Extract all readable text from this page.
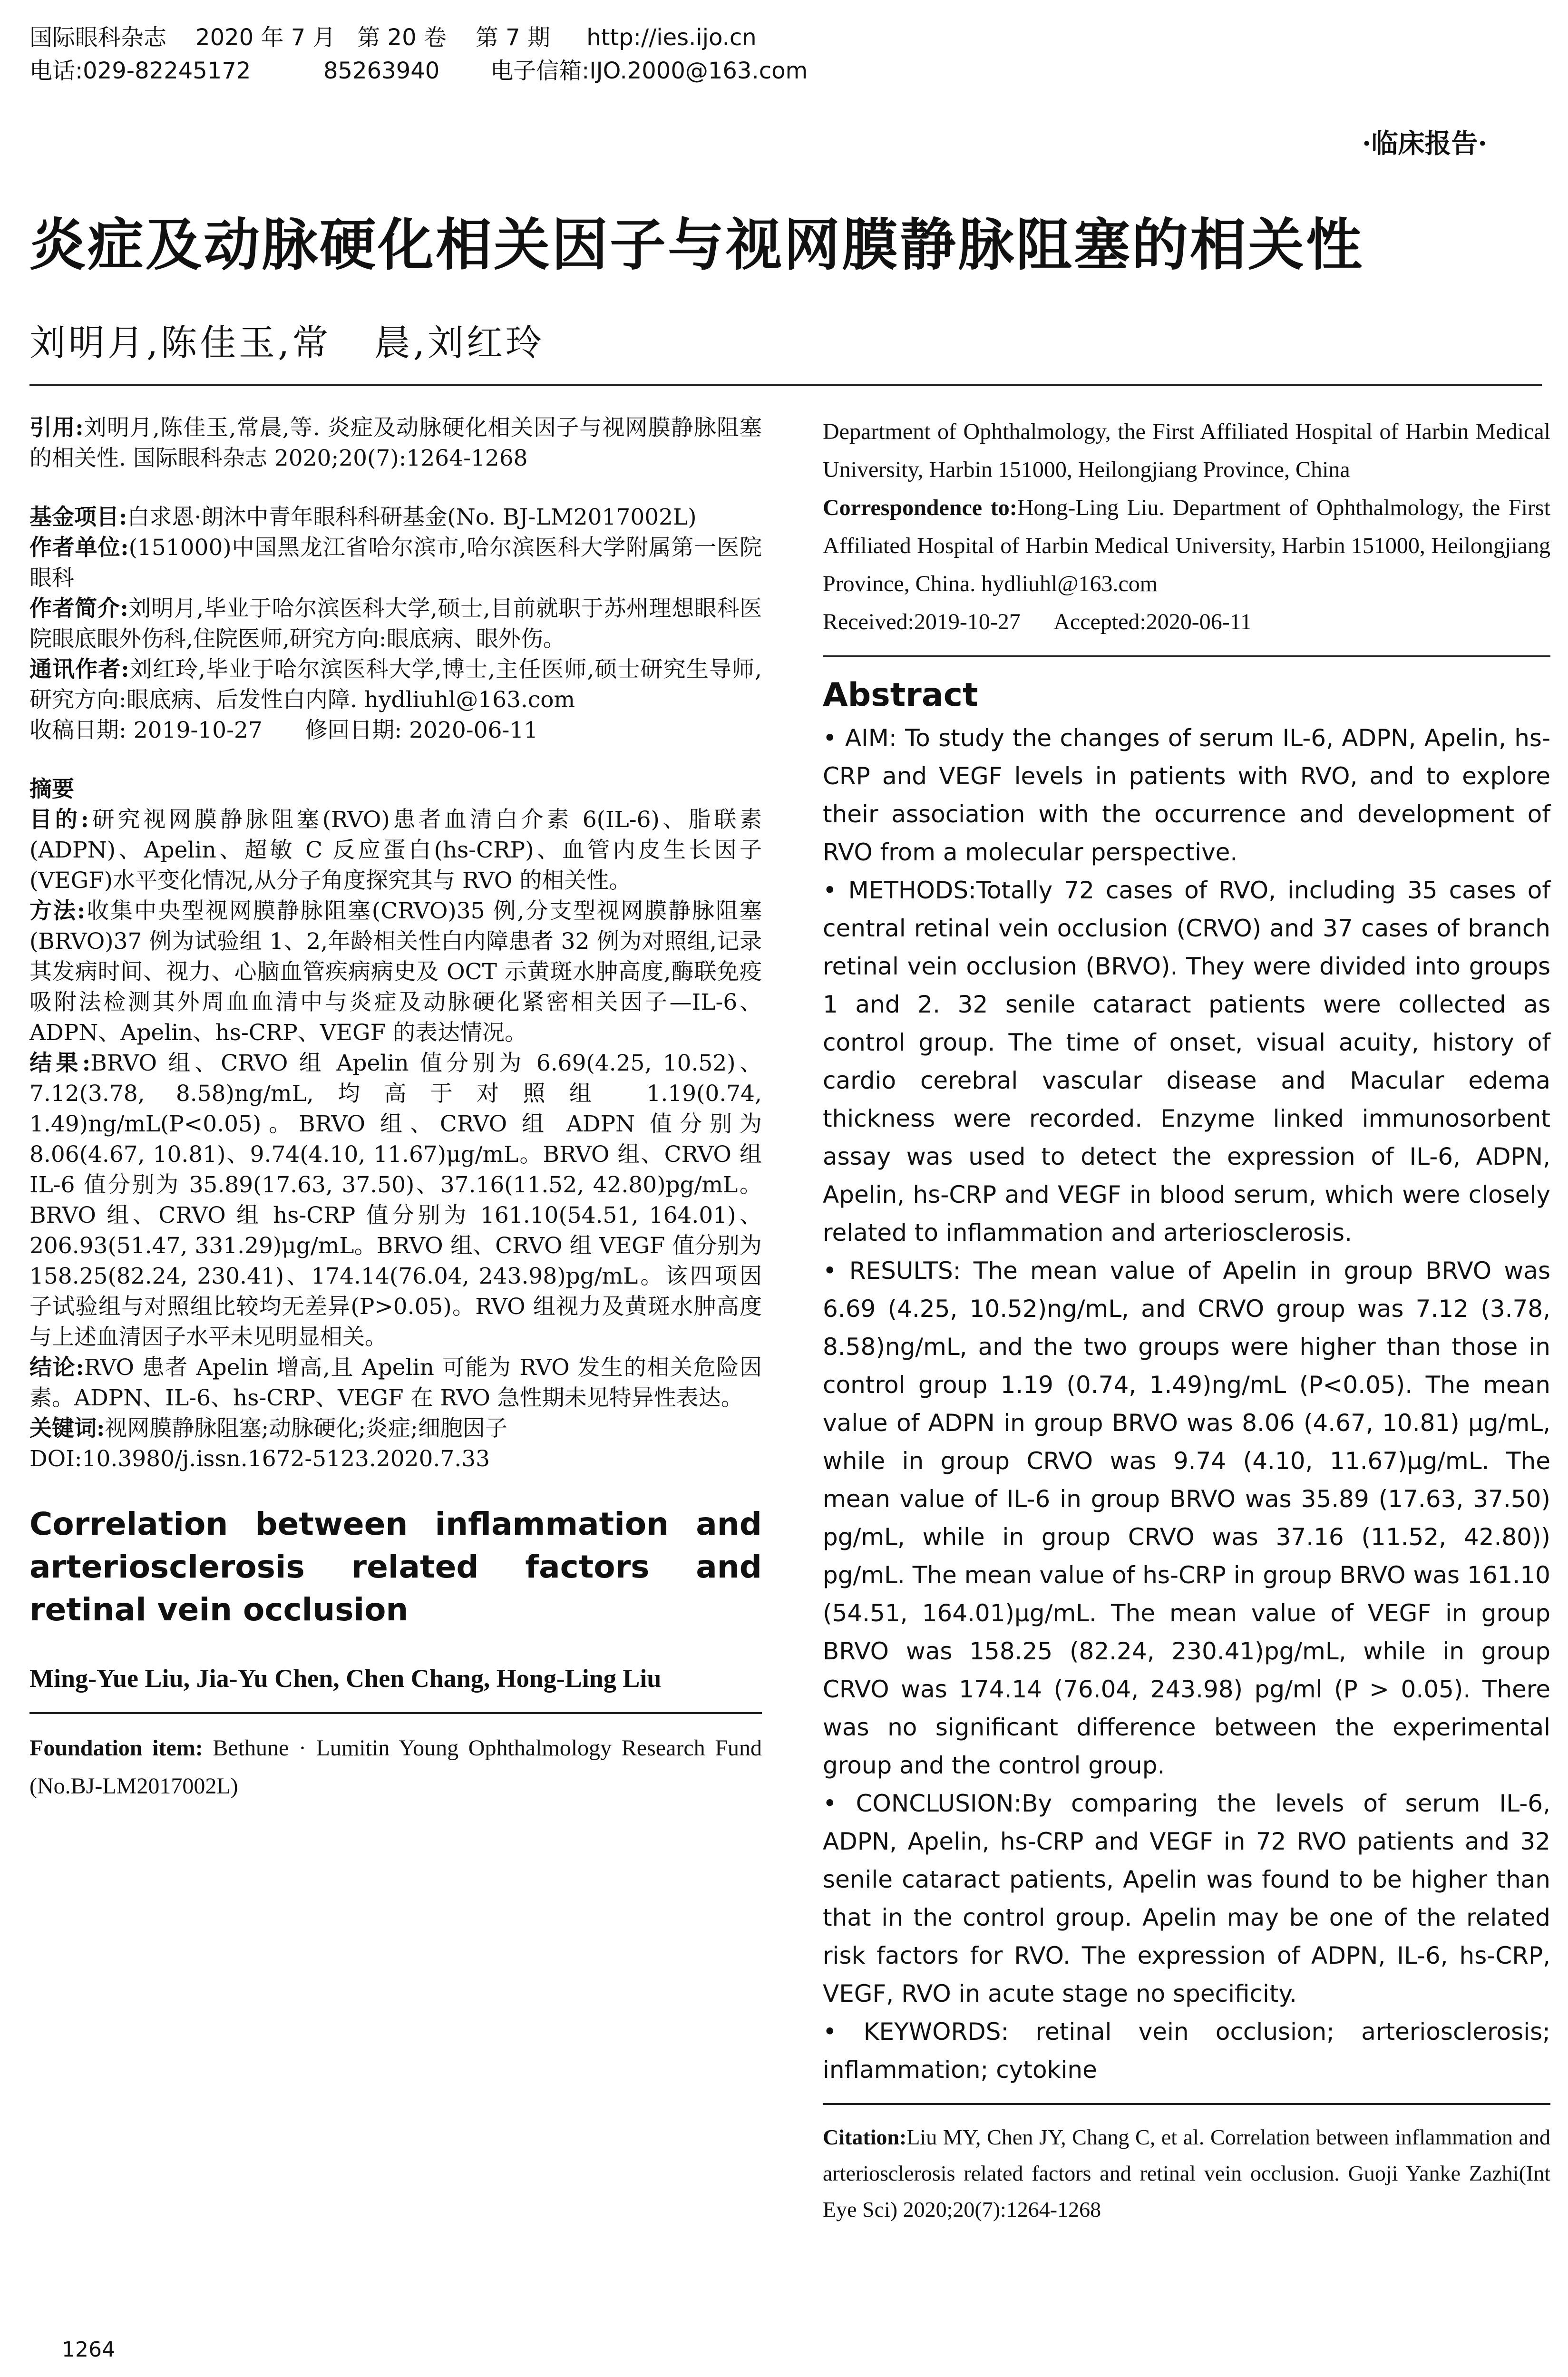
国际眼科杂志    2020 年 7 月   第 20 卷    第 7 期     http://ies.ijo.cn
电话:029-82245172          85263940       电子信箱:IJO.2000@163.com
·临床报告·
炎症及动脉硬化相关因子与视网膜静脉阻塞的相关性
刘明月,陈佳玉,常   晨,刘红玲

引用:刘明月,陈佳玉,常晨,等. 炎症及动脉硬化相关因子与视网膜静脉阻塞的相关性. 国际眼科杂志 2020;20(7):1264-1268

基金项目:白求恩·朗沐中青年眼科科研基金(No. BJ-LM2017002L)

作者单位:(151000)中国黑龙江省哈尔滨市,哈尔滨医科大学附属第一医院眼科

作者简介:刘明月,毕业于哈尔滨医科大学,硕士,目前就职于苏州理想眼科医院眼底眼外伤科,住院医师,研究方向:眼底病、眼外伤。

通讯作者:刘红玲,毕业于哈尔滨医科大学,博士,主任医师,硕士研究生导师,研究方向:眼底病、后发性白内障. hydliuhl@163.com

收稿日期: 2019-10-27      修回日期: 2020-06-11

摘要

目的:研究视网膜静脉阻塞(RVO)患者血清白介素 6(IL-6)、脂联素(ADPN)、Apelin、超敏 C 反应蛋白(hs-CRP)、血管内皮生长因子(VEGF)水平变化情况,从分子角度探究其与 RVO 的相关性。

方法:收集中央型视网膜静脉阻塞(CRVO)35 例,分支型视网膜静脉阻塞(BRVO)37 例为试验组 1、2,年龄相关性白内障患者 32 例为对照组,记录其发病时间、视力、心脑血管疾病病史及 OCT 示黄斑水肿高度,酶联免疫吸附法检测其外周血血清中与炎症及动脉硬化紧密相关因子—IL-6、ADPN、Apelin、hs-CRP、VEGF 的表达情况。

结果:BRVO 组、CRVO 组 Apelin 值分别为 6.69(4.25, 10.52)、7.12(3.78, 8.58)ng/mL,均高于对照组 1.19(0.74, 1.49)ng/mL(P<0.05)。BRVO 组、CRVO 组 ADPN 值分别为 8.06(4.67, 10.81)、9.74(4.10, 11.67)μg/mL。BRVO 组、CRVO 组 IL-6 值分别为 35.89(17.63, 37.50)、37.16(11.52, 42.80)pg/mL。BRVO 组、CRVO 组 hs-CRP 值分别为 161.10(54.51, 164.01)、206.93(51.47, 331.29)μg/mL。BRVO 组、CRVO 组 VEGF 值分别为 158.25(82.24, 230.41)、174.14(76.04, 243.98)pg/mL。该四项因子试验组与对照组比较均无差异(P>0.05)。RVO 组视力及黄斑水肿高度与上述血清因子水平未见明显相关。

结论:RVO 患者 Apelin 增高,且 Apelin 可能为 RVO 发生的相关危险因素。ADPN、IL-6、hs-CRP、VEGF 在 RVO 急性期未见特异性表达。

关键词:视网膜静脉阻塞;动脉硬化;炎症;细胞因子

DOI:10.3980/j.issn.1672-5123.2020.7.33

Correlation between inflammation and arteriosclerosis related factors and retinal vein occlusion

Ming-Yue Liu, Jia-Yu Chen, Chen Chang, Hong-Ling Liu

Foundation item: Bethune · Lumitin Young Ophthalmology Research Fund (No.BJ-LM2017002L)

Department of Ophthalmology, the First Affiliated Hospital of Harbin Medical University, Harbin 151000, Heilongjiang Province, China

Correspondence to:Hong-Ling Liu. Department of Ophthalmology, the First Affiliated Hospital of Harbin Medical University, Harbin 151000, Heilongjiang Province, China. hydliuhl@163.com

Received:2019-10-27      Accepted:2020-06-11

Abstract

• AIM: To study the changes of serum IL-6, ADPN, Apelin, hs-CRP and VEGF levels in patients with RVO, and to explore their association with the occurrence and development of RVO from a molecular perspective.

• METHODS:Totally 72 cases of RVO, including 35 cases of central retinal vein occlusion (CRVO) and 37 cases of branch retinal vein occlusion (BRVO). They were divided into groups 1 and 2. 32 senile cataract patients were collected as control group. The time of onset, visual acuity, history of cardio cerebral vascular disease and Macular edema thickness were recorded. Enzyme linked immunosorbent assay was used to detect the expression of IL-6, ADPN, Apelin, hs-CRP and VEGF in blood serum, which were closely related to inflammation and arteriosclerosis.

• RESULTS: The mean value of Apelin in group BRVO was 6.69 (4.25, 10.52)ng/mL, and CRVO group was 7.12 (3.78, 8.58)ng/mL, and the two groups were higher than those in control group 1.19 (0.74, 1.49)ng/mL (P<0.05). The mean value of ADPN in group BRVO was 8.06 (4.67, 10.81) μg/mL, while in group CRVO was 9.74 (4.10, 11.67)μg/mL. The mean value of IL-6 in group BRVO was 35.89 (17.63, 37.50) pg/mL, while in group CRVO was 37.16 (11.52, 42.80)) pg/mL. The mean value of hs-CRP in group BRVO was 161.10 (54.51, 164.01)μg/mL. The mean value of VEGF in group BRVO was 158.25 (82.24, 230.41)pg/mL, while in group CRVO was 174.14 (76.04, 243.98) pg/ml (P > 0.05). There was no significant difference between the experimental group and the control group.

• CONCLUSION:By comparing the levels of serum IL-6, ADPN, Apelin, hs-CRP and VEGF in 72 RVO patients and 32 senile cataract patients, Apelin was found to be higher than that in the control group. Apelin may be one of the related risk factors for RVO. The expression of ADPN, IL-6, hs-CRP, VEGF, RVO in acute stage no specificity.

• KEYWORDS: retinal vein occlusion; arteriosclerosis; inflammation; cytokine

Citation:Liu MY, Chen JY, Chang C, et al. Correlation between inflammation and arteriosclerosis related factors and retinal vein occlusion. Guoji Yanke Zazhi(Int Eye Sci) 2020;20(7):1264-1268

1264
